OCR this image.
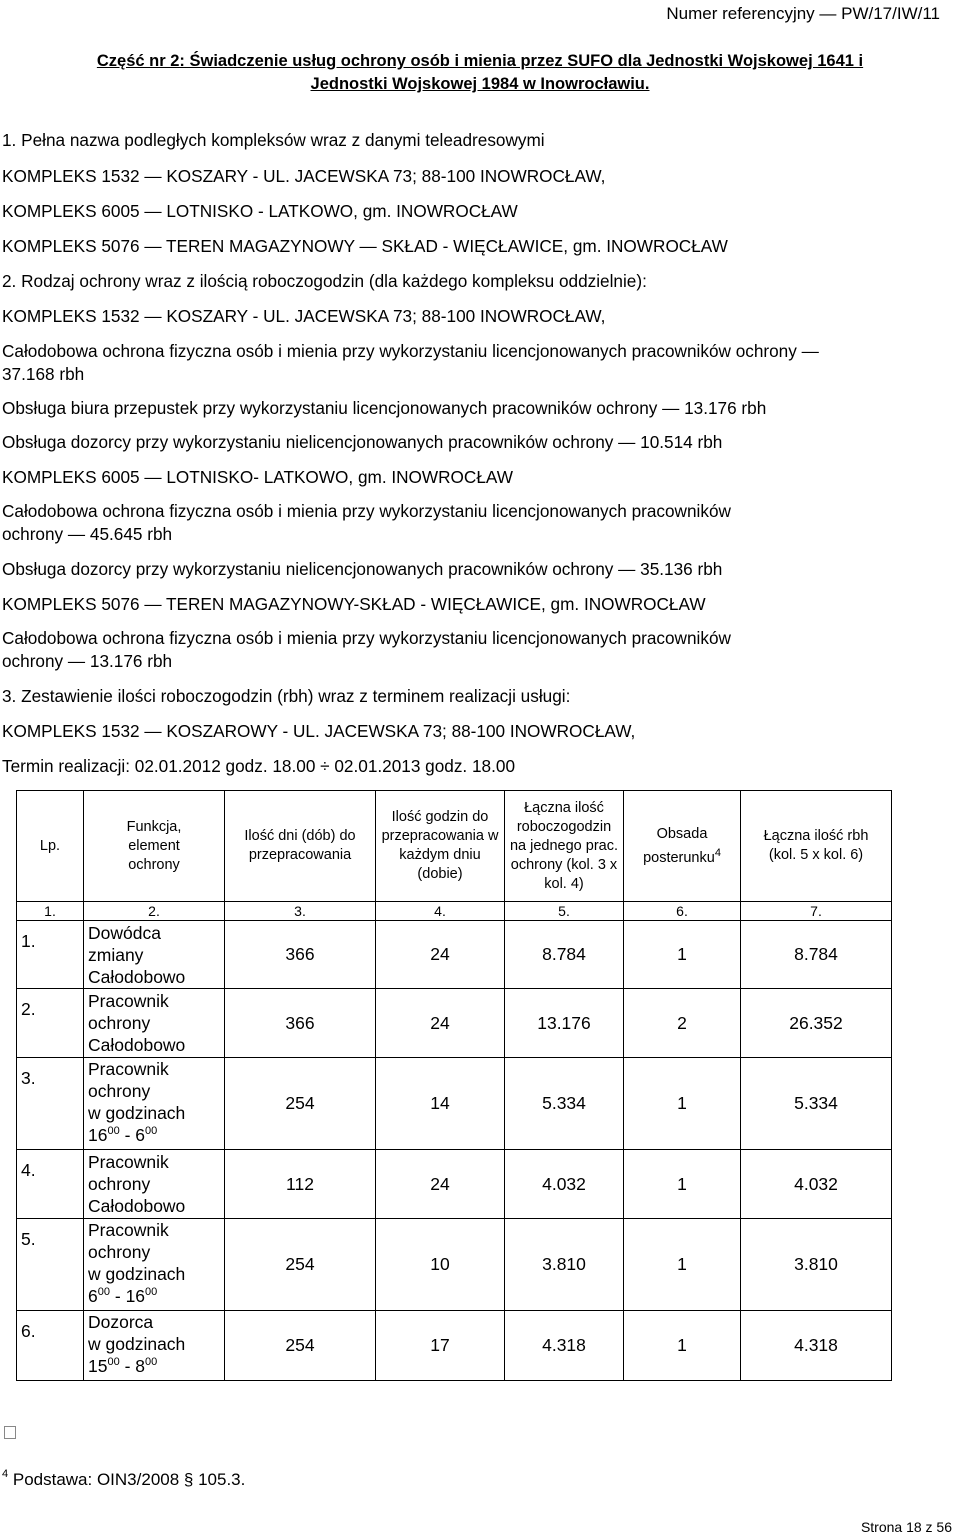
Numer referencyjny — PW/17/IW/11
Część nr 2: Świadczenie usług ochrony osób i mienia przez SUFO dla Jednostki Wojskowej 1641 i
Jednostki Wojskowej 1984 w Inowrocławiu.
1. Pełna nazwa podległych kompleksów wraz z danymi teleadresowymi
KOMPLEKS 1532 — KOSZARY - UL. JACEWSKA 73; 88-100 INOWROCŁAW,
KOMPLEKS 6005 — LOTNISKO - LATKOWO, gm. INOWROCŁAW
KOMPLEKS 5076 — TEREN MAGAZYNOWY — SKŁAD - WIĘCŁAWICE, gm. INOWROCŁAW
2. Rodzaj ochrony wraz z ilością roboczogodzin (dla każdego kompleksu oddzielnie):
KOMPLEKS 1532 — KOSZARY - UL. JACEWSKA 73; 88-100 INOWROCŁAW,
Całodobowa ochrona fizyczna osób i mienia przy wykorzystaniu licencjonowanych pracowników ochrony —
37.168 rbh
Obsługa biura przepustek przy wykorzystaniu licencjonowanych pracowników ochrony — 13.176 rbh
Obsługa dozorcy przy wykorzystaniu nielicencjonowanych pracowników ochrony — 10.514 rbh
KOMPLEKS 6005 — LOTNISKO- LATKOWO, gm. INOWROCŁAW
Całodobowa ochrona fizyczna osób i mienia przy wykorzystaniu licencjonowanych pracowników
ochrony — 45.645 rbh
Obsługa dozorcy przy wykorzystaniu nielicencjonowanych pracowników ochrony — 35.136 rbh
KOMPLEKS 5076 — TEREN MAGAZYNOWY-SKŁAD - WIĘCŁAWICE, gm. INOWROCŁAW
Całodobowa ochrona fizyczna osób i mienia przy wykorzystaniu licencjonowanych pracowników
ochrony — 13.176 rbh
3. Zestawienie ilości roboczogodzin (rbh) wraz z terminem realizacji usługi:
KOMPLEKS 1532 — KOSZAROWY - UL. JACEWSKA 73; 88-100 INOWROCŁAW,
Termin realizacji: 02.01.2012 godz. 18.00 ÷ 02.01.2013 godz. 18.00
Lp.	Funkcja, element ochrony	Ilość dni (dób) do przepracowania	Ilość godzin do przepracowania w każdym dniu (dobie)	Łączna ilość roboczogodzin na jednego prac. ochrony (kol. 3 x kol. 4)	Obsada posterunku$^4$	Łączna ilość rbh (kol. 5 x kol. 6)

1.	2.	3.	4.	5.	6.	7.
1.	Dowódca
zmiany
Całodobowo	366	24	8.784	1	8.784
2.	Pracownik
ochrony
Całodobowo	366	24	13.176	2	26.352
3.	Pracownik
ochrony
w godzinach
$16^{00} - 6^{00}$	254	14	5.334	1	5.334
4.	Pracownik
ochrony
Całodobowo	112	24	4.032	1	4.032
5.	Pracownik
ochrony
w godzinach
$6^{00} - 16^{00}$	254	10	3.810	1	3.810
6.	Dozorca
w godzinach
$15^{00} - 8^{00}$	254	17	4.318	1	4.318
$^4$ Podstawa: OIN3/2008 § 105.3.
Strona 18 z 56
